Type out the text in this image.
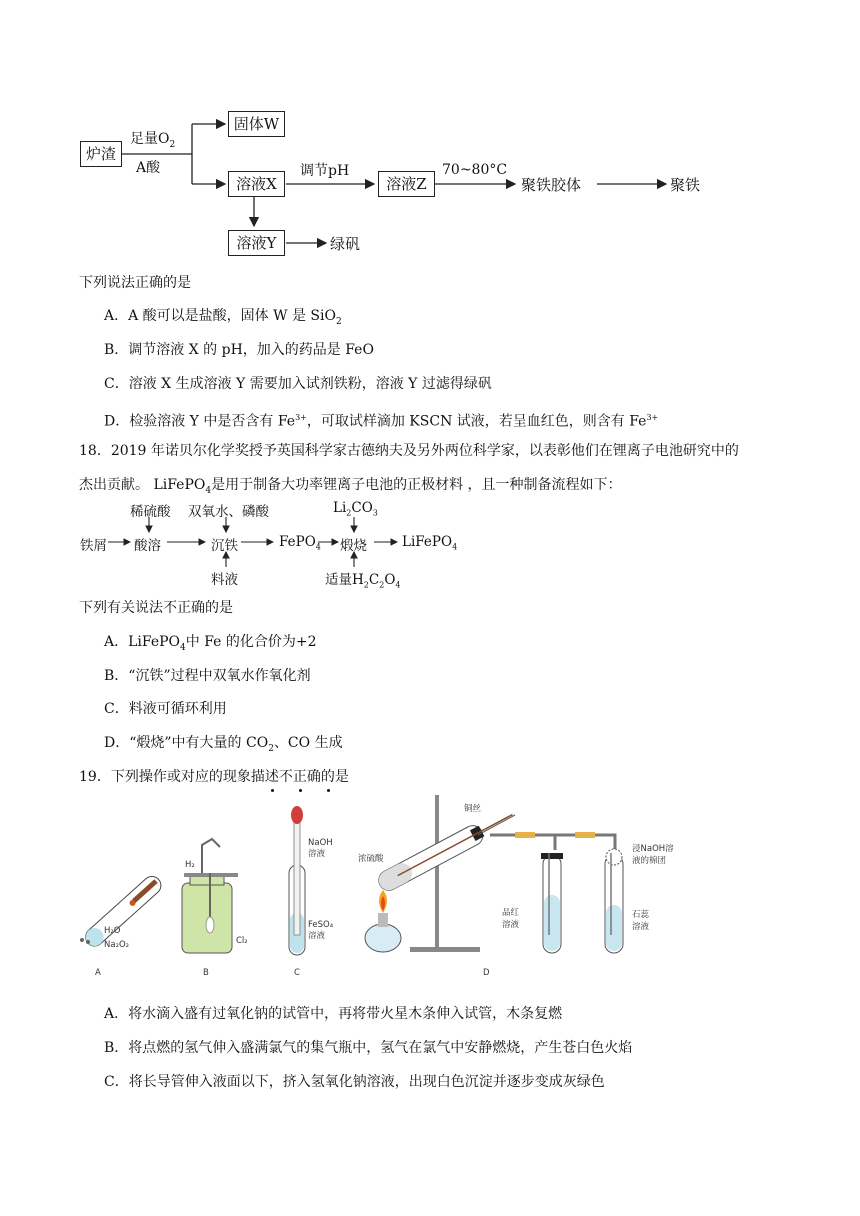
炉渣
足量$O_2$
A酸
固体W
溶液X
调节pH
溶液Z
70~80°C
聚铁胶体	聚铁
溶液Y	绿矾
下列说法正确的是
A．A 酸可以是盐酸，固体 W 是 SiO$_2$
B．调节溶液 X 的 pH，加入的药品是 FeO
C．溶液 X 生成溶液 Y 需要加入试剂铁粉，溶液 Y 过滤得绿矾
D．检验溶液 Y 中是否含有 $Fe^{3+}$，可取试样滴加 KSCN 试液，若呈血红色，则含有 $Fe^{3+}$
18．2019 年诺贝尔化学奖授予英国科学家古德纳夫及另外两位科学家，以表彰他们在锂离子电池研究中的
杰出贡献。 LiFePO$_4$是用于制备大功率锂离子电池的正极材料 ，且一种制备流程如下：
稀硫酸 双氧水、磷酸	$Li_2CO_3$
铁屑 酸溶	沉铁	FePO$_4$ 煅烧	LiFePO$_4$
料液	适量$H_2C_2O_4$
下列有关说法不正确的是
A．LiFePO$_4$中 Fe 的化合价为+2
B．“沉铁”过程中双氧水作氧化剂
C．料液可循环利用
D．“煅烧”中有大量的 $CO_2$、CO 生成
19．下列操作或对应的现象描述不正确的是
H₂O
Na₂O₂
A
H₂
Cl₂
B
NaOH
溶液
FeSO₄
溶液
C
铜丝
浓硫酸
品红
溶液
浸NaOH溶
液的棉团
石蕊
溶液
D
A．将水滴入盛有过氧化钠的试管中，再将带火星木条伸入试管，木条复燃
B．将点燃的氢气伸入盛满氯气的集气瓶中，氢气在氯气中安静燃烧，产生苍白色火焰
C．将长导管伸入液面以下，挤入氢氧化钠溶液，出现白色沉淀并逐步变成灰绿色
